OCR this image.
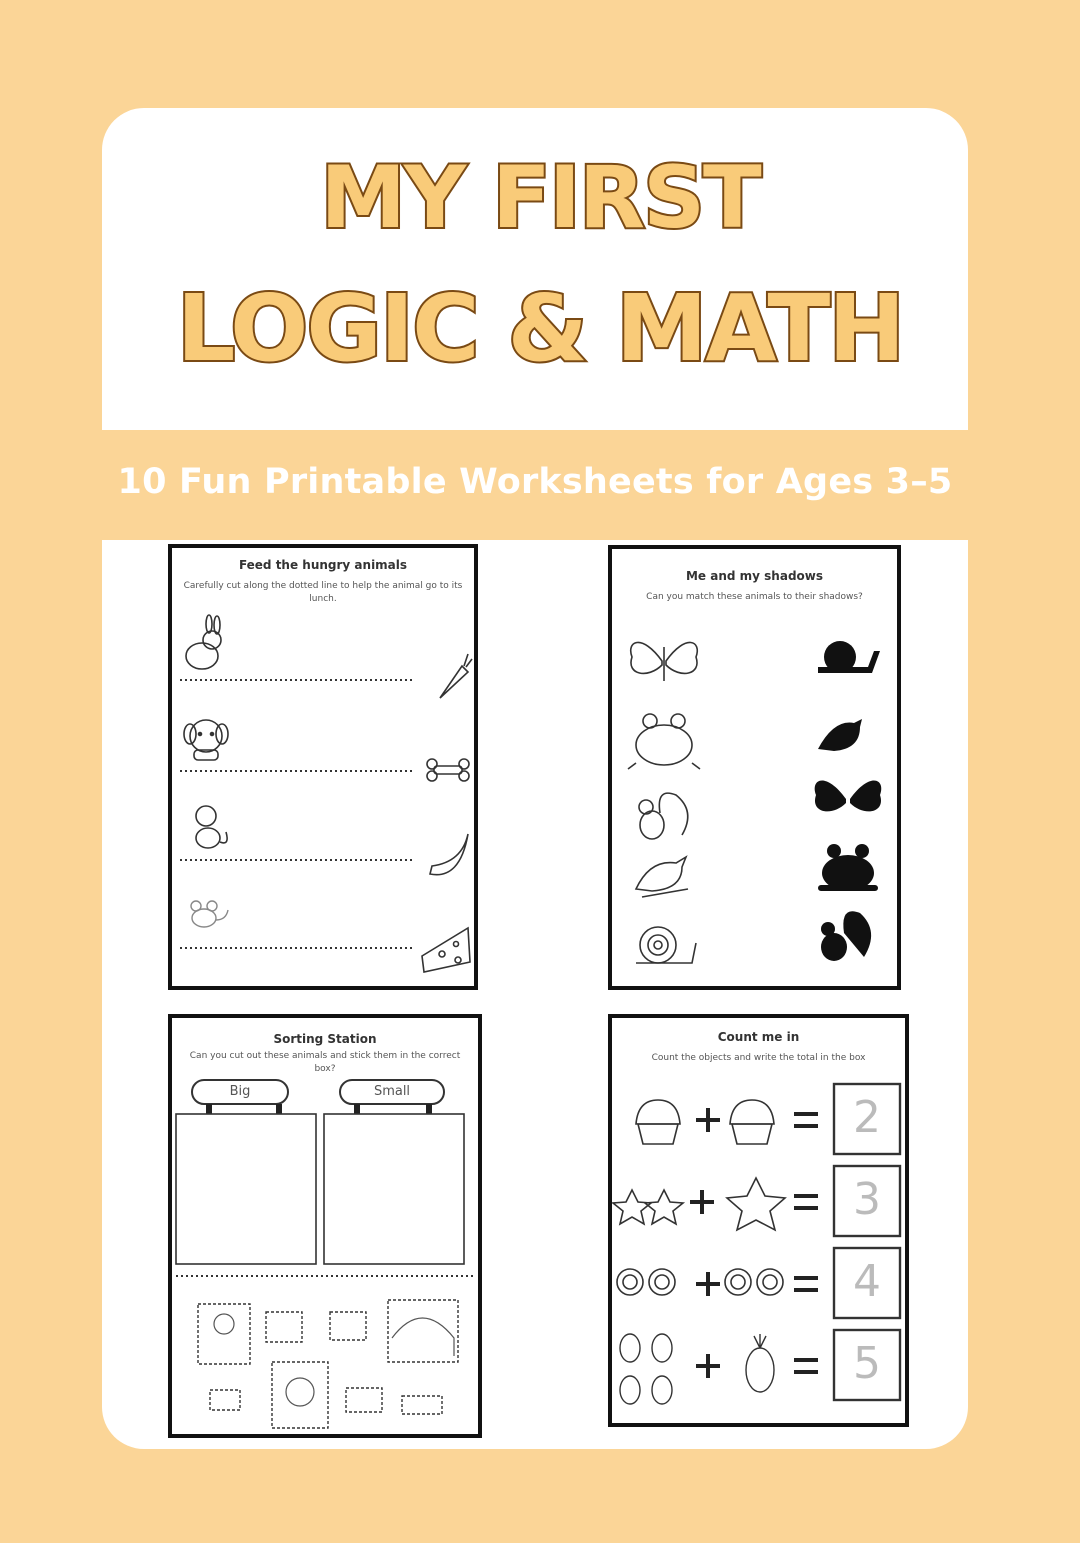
MY FIRST
LOGIC & MATH
10 Fun Printable Worksheets for Ages 3–5
Feed the hungry animals
Carefully cut along the dotted line to help the animal go to its lunch.
Me and my shadows
Can you match these animals to their shadows?
Sorting Station
Can you cut out these animals and stick them in the correct box?
Big	Small
Count me in
Count the objects and write the total in the box
2
3
4
5
